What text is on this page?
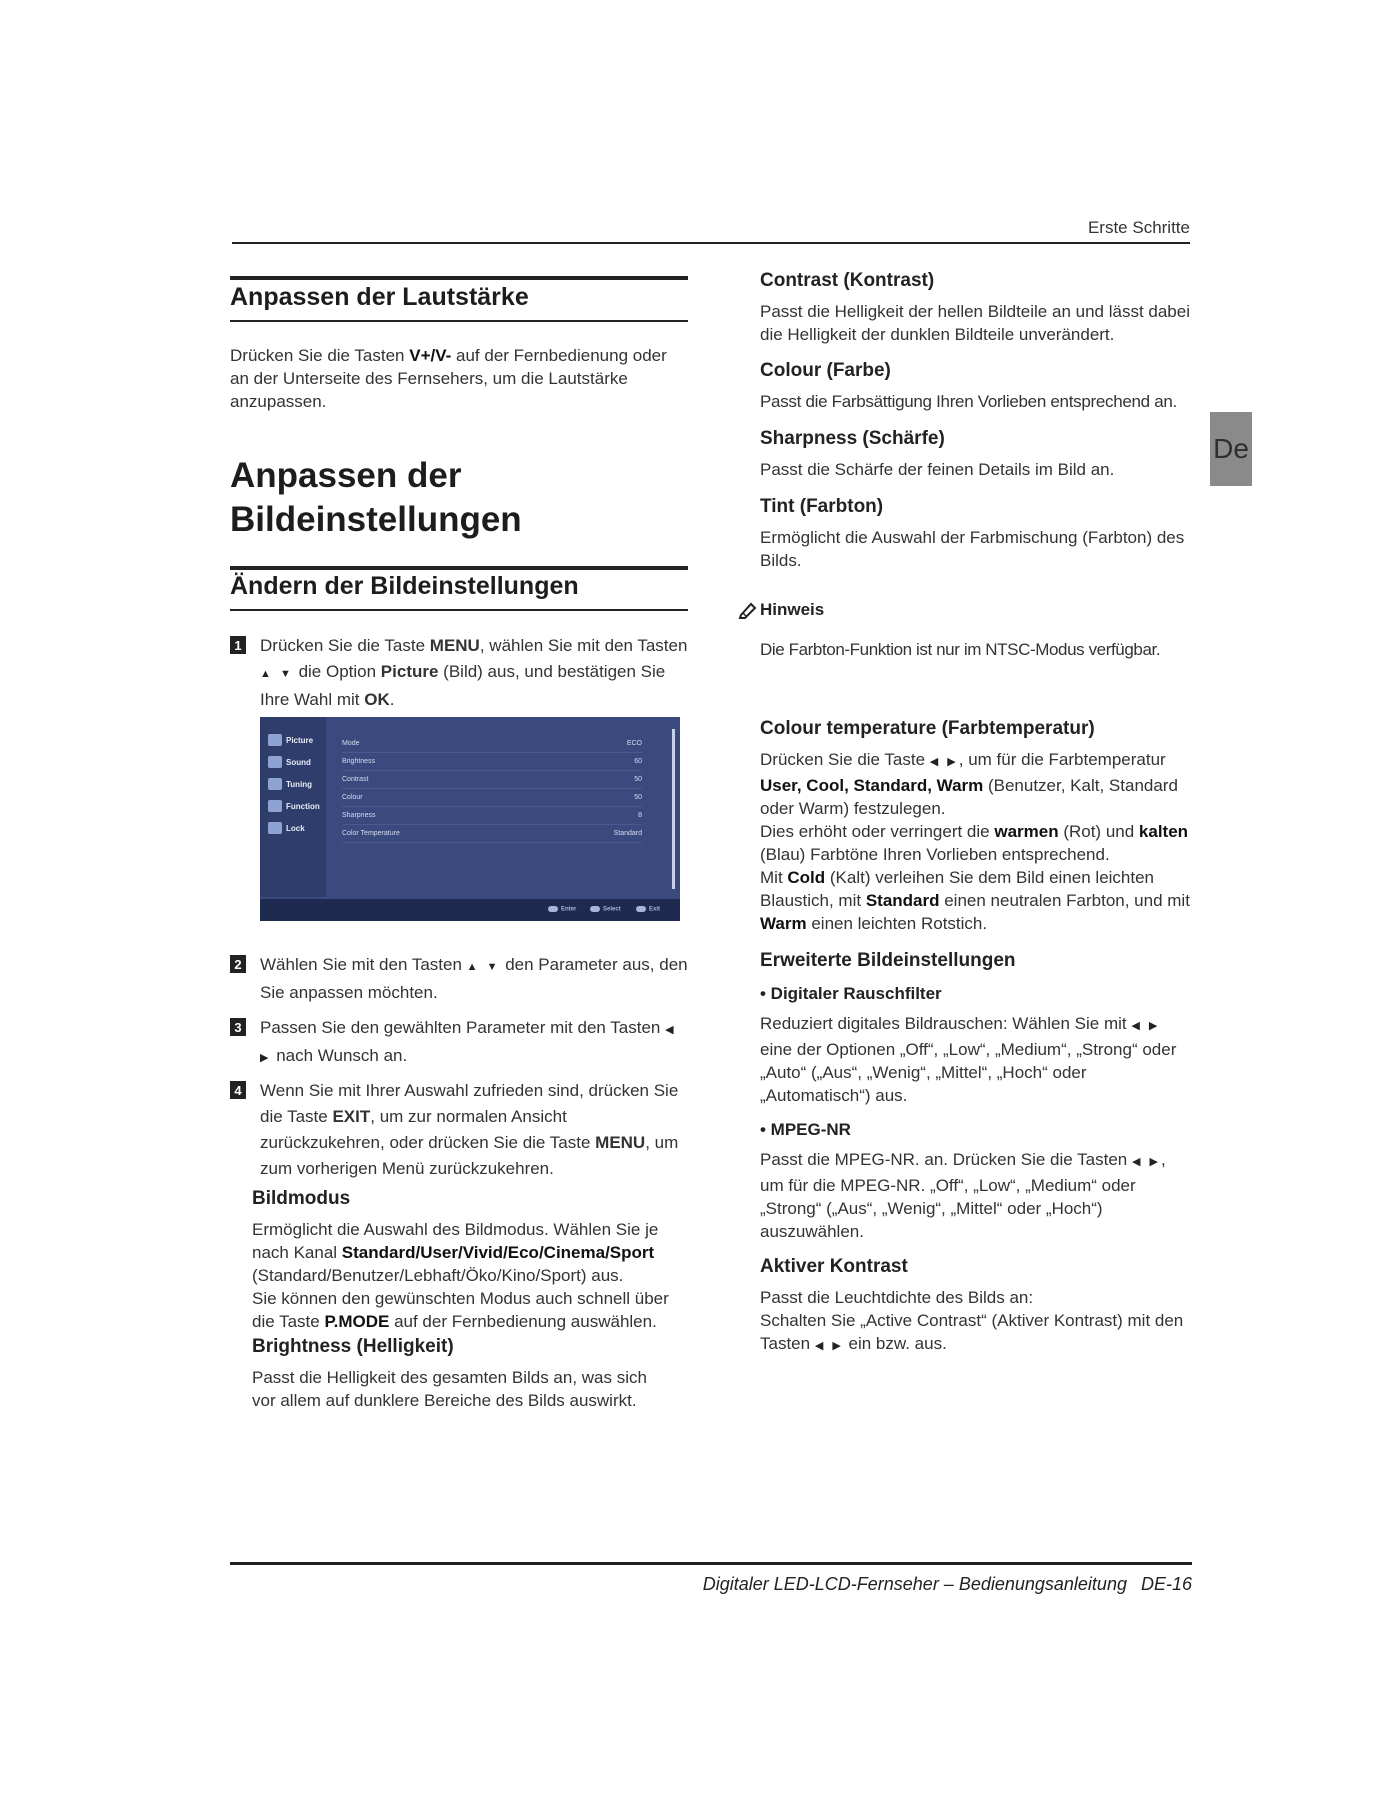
Erste Schritte
De
Anpassen der Lautstärke
Drücken Sie die Tasten V+/V- auf der Fernbedienung oder an der Unterseite des Fernsehers, um die Lautstärke anzupassen.
Anpassen der Bildeinstellungen
Ändern der Bildeinstellungen
1 Drücken Sie die Taste MENU, wählen Sie mit den Tasten ▲ ▼ die Option Picture (Bild) aus, und bestätigen Sie Ihre Wahl mit OK.
Picture
Sound
Tuning
Function
Lock
Mode	ECO
Brightness	60
Contrast	50
Colour	50
Sharpness	8
Color Temperature	Standard
Enter	Select	Exit
2 Wählen Sie mit den Tasten ▲ ▼ den Parameter aus, den Sie anpassen möchten.
3 Passen Sie den gewählten Parameter mit den Tasten ◀ ▶ nach Wunsch an.
4 Wenn Sie mit Ihrer Auswahl zufrieden sind, drücken Sie die Taste EXIT, um zur normalen Ansicht zurückzukehren, oder drücken Sie die Taste MENU, um zum vorherigen Menü zurückzukehren.
Bildmodus
Ermöglicht die Auswahl des Bildmodus. Wählen Sie je nach Kanal Standard/User/Vivid/Eco/Cinema/Sport (Standard/Benutzer/Lebhaft/Öko/Kino/Sport) aus.
Sie können den gewünschten Modus auch schnell über die Taste P.MODE auf der Fernbedienung auswählen.
Brightness (Helligkeit)
Passt die Helligkeit des gesamten Bilds an, was sich vor allem auf dunklere Bereiche des Bilds auswirkt.
Contrast (Kontrast)
Passt die Helligkeit der hellen Bildteile an und lässt dabei die Helligkeit der dunklen Bildteile unverändert.
Colour (Farbe)
Passt die Farbsättigung Ihren Vorlieben entsprechend an.
Sharpness (Schärfe)
Passt die Schärfe der feinen Details im Bild an.
Tint (Farbton)
Ermöglicht die Auswahl der Farbmischung (Farbton) des Bilds.
Hinweis
Die Farbton-Funktion ist nur im NTSC-Modus verfügbar.
Colour temperature (Farbtemperatur)
Drücken Sie die Taste ◀ ▶, um für die Farbtemperatur User, Cool, Standard, Warm (Benutzer, Kalt, Standard oder Warm) festzulegen.
Dies erhöht oder verringert die warmen (Rot) und kalten (Blau) Farbtöne Ihren Vorlieben entsprechend.
Mit Cold (Kalt) verleihen Sie dem Bild einen leichten Blaustich, mit Standard einen neutralen Farbton, und mit Warm einen leichten Rotstich.
Erweiterte Bildeinstellungen
• Digitaler Rauschfilter
Reduziert digitales Bildrauschen: Wählen Sie mit ◀ ▶ eine der Optionen „Off“, „Low“, „Medium“, „Strong“ oder „Auto“ („Aus“, „Wenig“, „Mittel“, „Hoch“ oder „Automatisch“) aus.
• MPEG-NR
Passt die MPEG-NR. an. Drücken Sie die Tasten ◀ ▶, um für die MPEG-NR. „Off“, „Low“, „Medium“ oder „Strong“ („Aus“, „Wenig“, „Mittel“ oder „Hoch“) auszuwählen.
Aktiver Kontrast
Passt die Leuchtdichte des Bilds an:
Schalten Sie „Active Contrast“ (Aktiver Kontrast) mit den Tasten ◀ ▶ ein bzw. aus.
Digitaler LED-LCD-Fernseher – Bedienungsanleitung DE-16
